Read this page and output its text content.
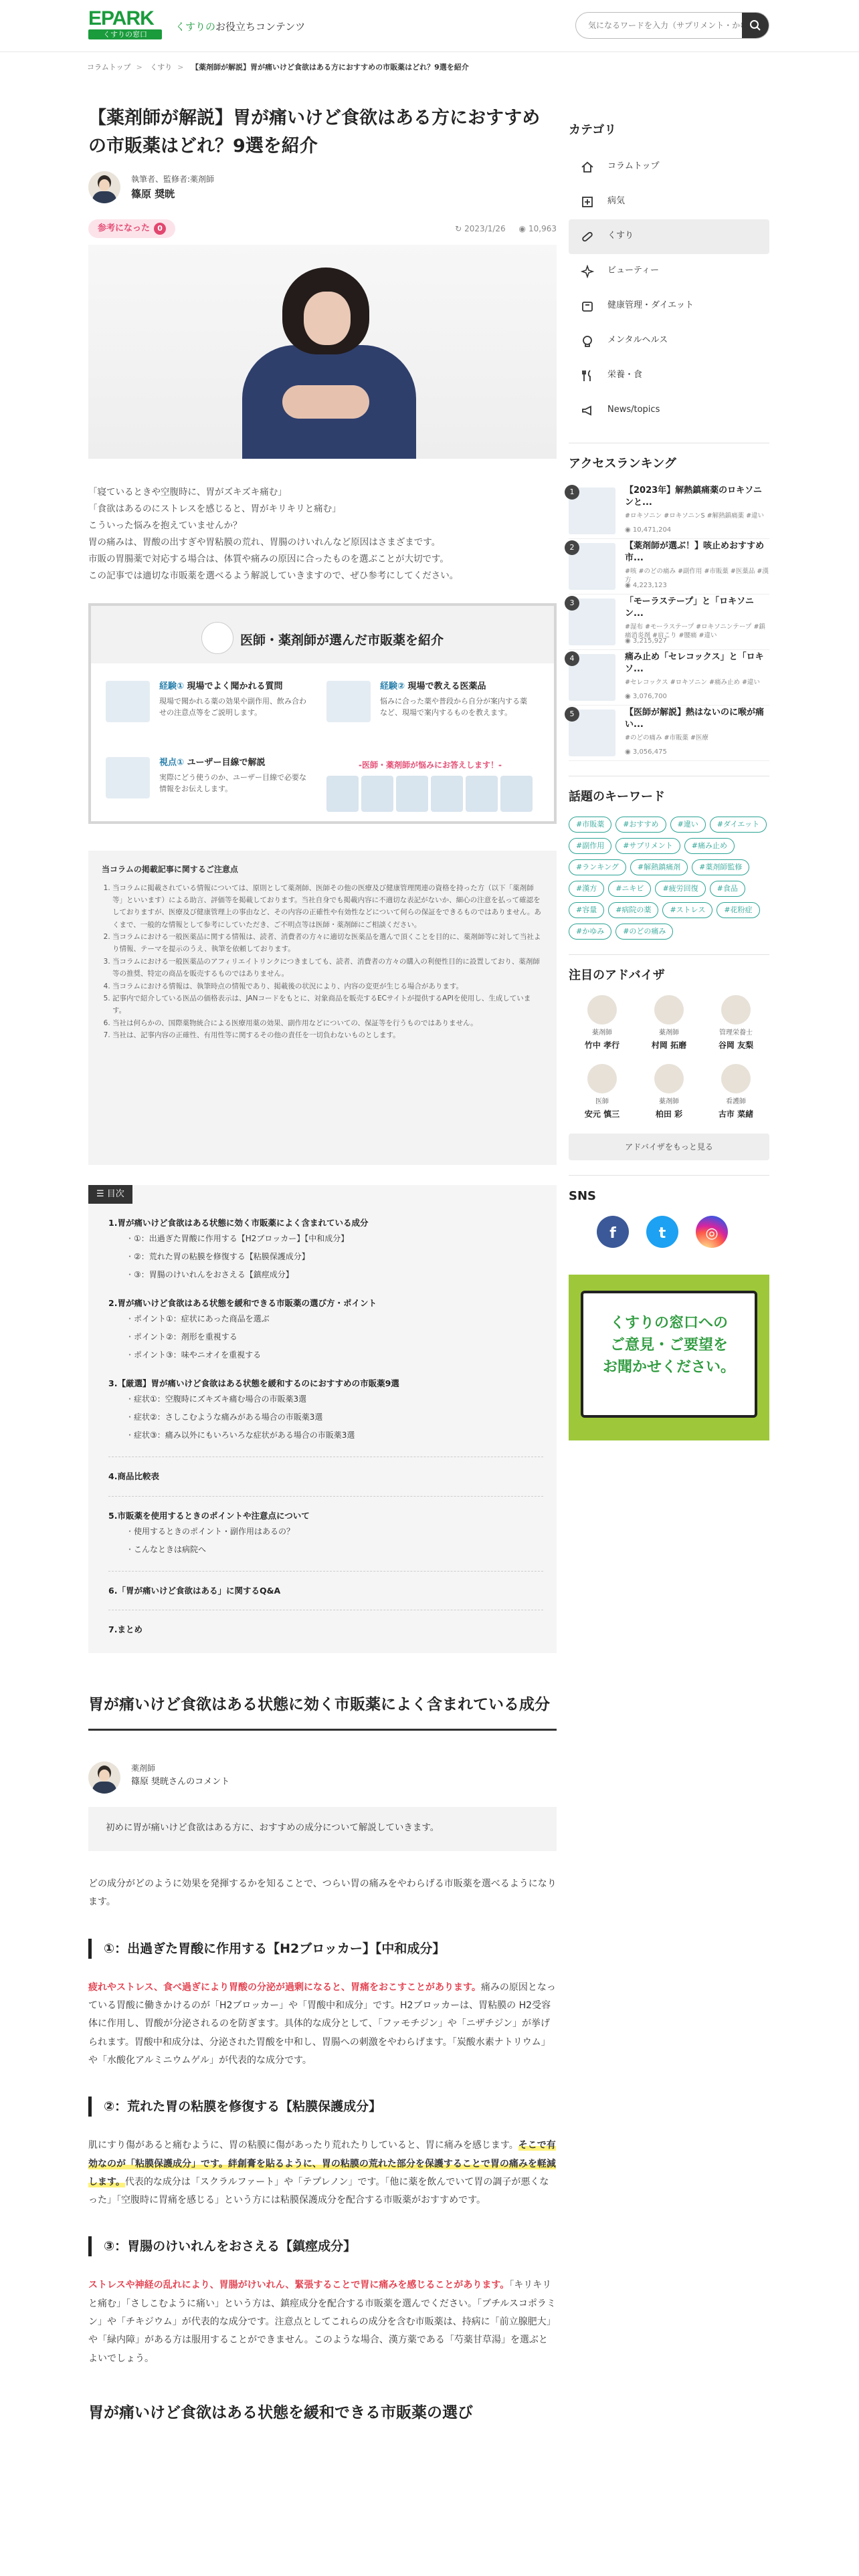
EPARK
くすりの窓口
くすりのお役立ちコンテンツ
気になるワードを入力（サプリメント・かゆみ 等）
コラムトップ > くすり > 【薬剤師が解説】胃が痛いけど食欲はある方におすすめの市販薬はどれ？9選を紹介
【薬剤師が解説】胃が痛いけど食欲はある方におすすめの市販薬はどれ？9選を紹介
執筆者、監修者:薬剤師
篠原 奨晄
参考になった 0	↻ 2023/1/26 ◉ 10,963

「寝ているときや空腹時に、胃がズキズキ痛む」

「食欲はあるのにストレスを感じると、胃がキリキリと痛む」

こういった悩みを抱えていませんか？

胃の痛みは、胃酸の出すぎや胃粘膜の荒れ、胃腸のけいれんなど原因はさまざまです。

市販の胃腸薬で対応する場合は、体質や痛みの原因に合ったものを選ぶことが大切です。

この記事では適切な市販薬を選べるよう解説していきますので、ぜひ参考にしてください。

医師・薬剤師が選んだ市販薬を紹介
経験① 現場でよく聞かれる質問
現場で聞かれる薬の効果や副作用、飲み合わせの注意点等をご説明します。
経験② 現場で教える医薬品
悩みに合った薬や普段から自分が案内する薬など、現場で案内するものを教えます。
視点① ユーザー目線で解説
実際にどう使うのか、ユーザー目線で必要な情報をお伝えします。
-医師・薬剤師が悩みにお答えします！-
当コラムの掲載記事に関するご注意点
1. 当コラムに掲載されている情報については、原則として薬剤師、医師その他の医療及び健康管理関連の資格を持った方（以下「薬剤師等」といいます）による助言、評価等を掲載しております。当社自身でも掲載内容に不適切な表記がないか、細心の注意を払って確認をしておりますが、医療及び健康管理上の事由など、その内容の正確性や有効性などについて何らの保証をできるものではありません。あくまで、一般的な情報として参考にしていただき、ご不明点等は医師・薬剤師にご相談ください。
2. 当コラムにおける一般医薬品に関する情報は、読者、消費者の方々に適切な医薬品を選んで頂くことを目的に、薬剤師等に対して当社より情報、テーマを提示のうえ、執筆を依頼しております。
3. 当コラムにおける一般医薬品のアフィリエイトリンクにつきましても、読者、消費者の方々の購入の利便性目的に設置しており、薬剤師等の推奨、特定の商品を販売するものではありません。
4. 当コラムにおける情報は、執筆時点の情報であり、掲載後の状況により、内容の変更が生じる場合があります。
5. 記事内で紹介している医品の価格表示は、JANコードをもとに、対象商品を販売するECサイトが提供するAPIを使用し、生成しています。
6. 当社は何らかの、国際薬物統合による医療用薬の効果、副作用などについての、保証等を行うものではありません。
7. 当社は、記事内容の正確性、有用性等に関するその他の責任を一切負わないものとします。
☰ 目次
1.胃が痛いけど食欲はある状態に効く市販薬によく含まれている成分
・ ①：出過ぎた胃酸に作用する【H2ブロッカー】【中和成分】
・ ②：荒れた胃の粘膜を修復する【粘膜保護成分】
・ ③：胃腸のけいれんをおさえる【鎮痙成分】
2.胃が痛いけど食欲はある状態を緩和できる市販薬の選び方・ポイント
・ ポイント①：症状にあった商品を選ぶ
・ ポイント②：剤形を重視する
・ ポイント③：味やニオイを重視する
3.【厳選】胃が痛いけど食欲はある状態を緩和するのにおすすめの市販薬9選
・ 症状①：空腹時にズキズキ痛む場合の市販薬3選
・ 症状②：さしこむような痛みがある場合の市販薬3選
・ 症状③：痛み以外にもいろいろな症状がある場合の市販薬3選
4.商品比較表
5.市販薬を使用するときのポイントや注意点について
・ 使用するときのポイント・副作用はあるの？
・ こんなときは病院へ
6.「胃が痛いけど食欲はある」に関するQ&A
7.まとめ
胃が痛いけど食欲はある状態に効く市販薬によく含まれている成分
薬剤師
篠原 奨晄さんのコメント
初めに胃が痛いけど食欲はある方に、おすすめの成分について解説していきます。

どの成分がどのように効果を発揮するかを知ることで、つらい胃の痛みをやわらげる市販薬を選べるようになります。

①：出過ぎた胃酸に作用する【H2ブロッカー】【中和成分】

疲れやストレス、食べ過ぎにより胃酸の分泌が過剰になると、胃痛をおこすことがあります。痛みの原因となっている胃酸に働きかけるのが「H2ブロッカー」や「胃酸中和成分」です。H2ブロッカーは、胃粘膜の H2受容体に作用し、胃酸が分泌されるのを防ぎます。具体的な成分として、「ファモチジン」や「ニザチジン」が挙げられます。胃酸中和成分は、分泌された胃酸を中和し、胃腸への刺激をやわらげます。「炭酸水素ナトリウム」や「水酸化アルミニウムゲル」が代表的な成分です。

②：荒れた胃の粘膜を修復する【粘膜保護成分】

肌にすり傷があると痛むように、胃の粘膜に傷があったり荒れたりしていると、胃に痛みを感じます。そこで有効なのが「粘膜保護成分」です。絆創膏を貼るように、胃の粘膜の荒れた部分を保護することで胃の痛みを軽減します。代表的な成分は「スクラルファート」や「テプレノン」です。「他に薬を飲んでいて胃の調子が悪くなった」「空腹時に胃痛を感じる」という方には粘膜保護成分を配合する市販薬がおすすめです。

③：胃腸のけいれんをおさえる【鎮痙成分】

ストレスや神経の乱れにより、胃腸がけいれん、緊張することで胃に痛みを感じることがあります。「キリキリと痛む」「さしこむように痛い」という方は、鎮痙成分を配合する市販薬を選んでください。「ブチルスコポラミン」や「チキジウム」が代表的な成分です。注意点としてこれらの成分を含む市販薬は、持病に「前立腺肥大」や「緑内障」がある方は服用することができません。このような場合、漢方薬である「芍薬甘草湯」を選ぶとよいでしょう。

胃が痛いけど食欲はある状態を緩和できる市販薬の選び
カテゴリ
コラムトップ
病気
くすり
ビューティー
健康管理・ダイエット
メンタルヘルス
栄養・食
News/topics
アクセスランキング
1	【2023年】解熱鎮痛薬のロキソニンと...
#ロキソニン #ロキソニンS #解熱鎮痛薬 #違い
◉ 10,471,204
2	【薬剤師が選ぶ！】咳止めおすすめ市...
#咳 #のどの痛み #副作用 #市販薬 #医薬品 #漢方
◉ 4,223,123
3	「モーラステープ」と「ロキソニン...
#湿布 #モーラステープ #ロキソニンテープ #鎮痛消炎剤 #肩こり #腰痛 #違い
◉ 3,215,927
4	痛み止め「セレコックス」と「ロキソ...
#セレコックス #ロキソニン #痛み止め #違い
◉ 3,076,700
5	【医師が解説】熱はないのに喉が痛い...
#のどの痛み #市販薬 #医療
◉ 3,056,475
話題のキーワード
#市販薬	#おすすめ	#違い	#ダイエット
#副作用	#サプリメント	#痛み止め
#ランキング	#解熱鎮痛剤	#薬剤師監修
#漢方	#ニキビ	#疲労回復	#食品
#容量	#病院の薬	#ストレス	#花粉症
#かゆみ	#のどの痛み
注目のアドバイザ
薬剤師
竹中 孝行
薬剤師
村岡 拓磨
管理栄養士
谷岡 友梨
医師
安元 慎三
薬剤師
柏田 彩
看護師
古市 菜緒
アドバイザをもっと見る
SNS
f	t	◎

くすりの窓口への
ご意見・ご要望を
お聞かせください。
